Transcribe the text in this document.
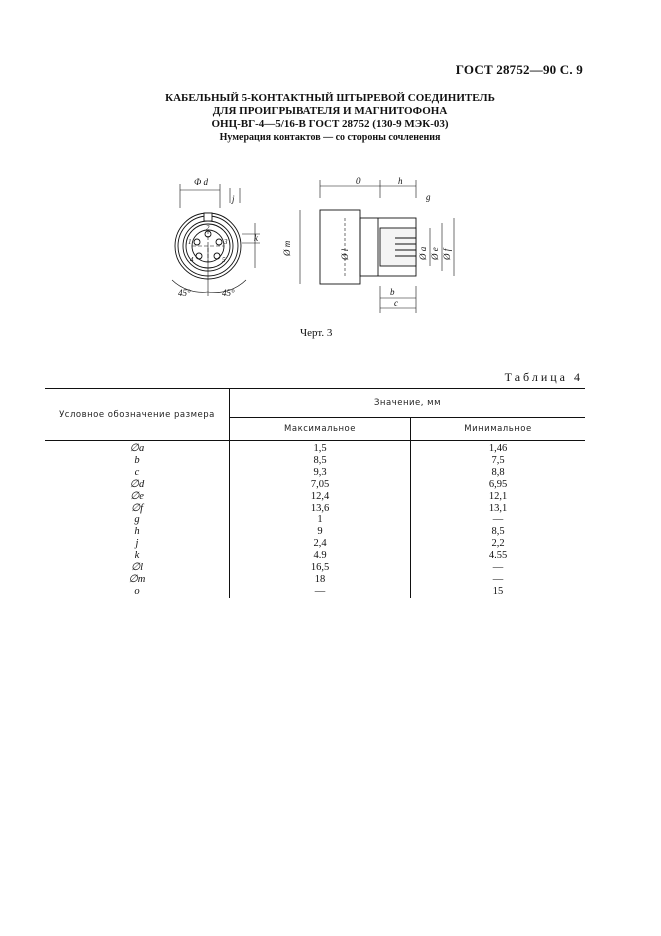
ГОСТ 28752—90 С. 9
КАБЕЛЬНЫЙ 5-КОНТАКТНЫЙ ШТЫРЕВОЙ СОЕДИНИТЕЛЬ
ДЛЯ ПРОИГРЫВАТЕЛЯ И МАГНИТОФОНА
ОНЦ-ВГ-4—5/16-В ГОСТ 28752 (130-9 МЭК-03)
Нумерация контактов — со стороны сочленения
Ф d
j
k
1	3
2
4	5
45°	45°
0	h
g
Ø m	Ø l	Ø a Ø e Ø f
b
c
Черт. 3
Таблица 4
Условное обозначение размера	Значение, мм	
	Максимальное	Минимальное
∅a	1,5	1,46
b	8,5	7,5
c	9,3	8,8
∅d	7,05	6,95
∅e	12,4	12,1
∅f	13,6	13,1
g	1	—
h	9	8,5
j	2,4	2,2
k	4.9	4.55
∅l	16,5	—
∅m	18	—
o	—	15
